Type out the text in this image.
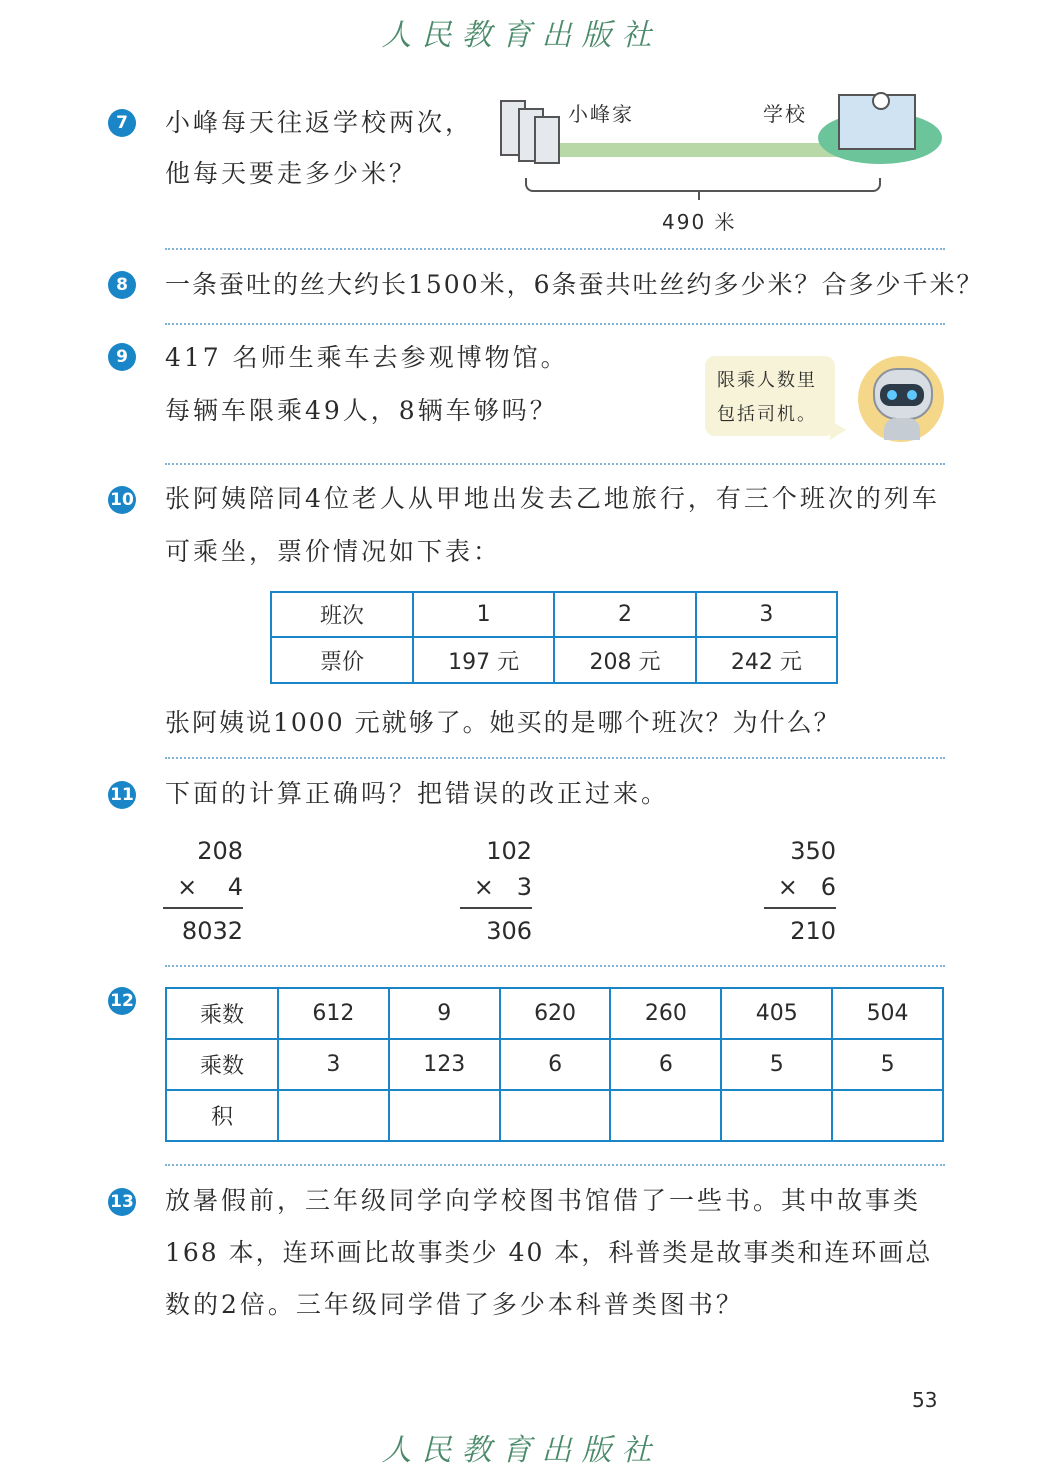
人民教育出版社
人民教育出版社
7	小峰每天往返学校两次，
他每天要走多少米？
小峰家	学校
490 米
8	一条蚕吐的丝大约长1500米，6条蚕共吐丝约多少米？合多少千米？
9	417 名师生乘车去参观博物馆。
每辆车限乘49人，8辆车够吗？
限乘人数里
包括司机。
10 张阿姨陪同4位老人从甲地出发去乙地旅行，有三个班次的列车
可乘坐，票价情况如下表：
班次	1	2	3
票价	197 元	208 元	242 元
张阿姨说1000 元就够了。她买的是哪个班次？为什么？
11 下面的计算正确吗？把错误的改正过来。
208
×    4
8032
102
×   3
306
350
×   6
210
12
乘数	612	9	620	260	405	504
乘数	3	123	6	6	5	5
积						
13 放暑假前，三年级同学向学校图书馆借了一些书。其中故事类
168 本，连环画比故事类少 40 本，科普类是故事类和连环画总
数的2倍。三年级同学借了多少本科普类图书？
53
